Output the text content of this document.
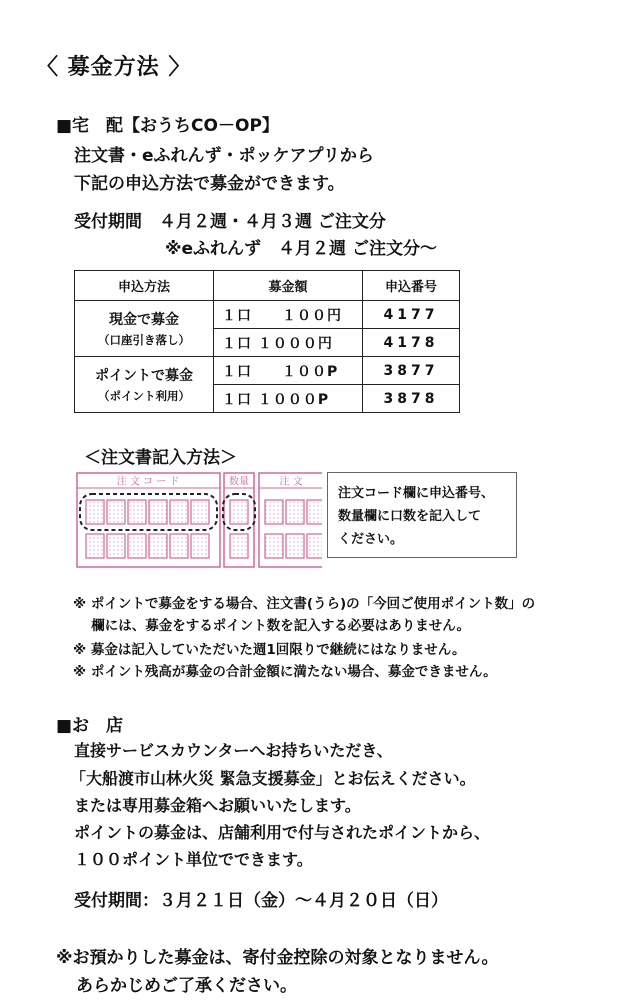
〈 募金方法 〉
■宅　配【おうちCO－OP】
注文書・eふれんず・ポッケアプリから
下記の申込方法で募金ができます。
受付期間　４月２週・４月３週 ご注文分
※eふれんず　４月２週 ご注文分～
申込方法	募金額	申込番号

現金で募金
（口座引き落し）	１口　　１００円	4177
	１口 １０００円	4178

ポイントで募金
（ポイント利用）	１口　　１００P	3877
	１口 １０００P	3878
＜注文書記入方法＞
注 文 コ ー ド	数量	注 文
注文コード欄に申込番号、
数量欄に口数を記入して
ください。
※ ポイントで募金をする場合、注文書(うら)の「今回ご使用ポイント数」の
　 欄には、募金をするポイント数を記入する必要はありません。
※ 募金は記入していただいた週1回限りで継続にはなりません。
※ ポイント残高が募金の合計金額に満たない場合、募金できません。
■お　店
直接サービスカウンターへお持ちいただき、
「大船渡市山林火災 緊急支援募金」とお伝えください。
または専用募金箱へお願いいたします。
ポイントの募金は、店舗利用で付与されたポイントから、
１００ポイント単位でできます。
受付期間：３月２１日（金）～４月２０日（日）
※お預かりした募金は、寄付金控除の対象となりません。
あらかじめご了承ください。
